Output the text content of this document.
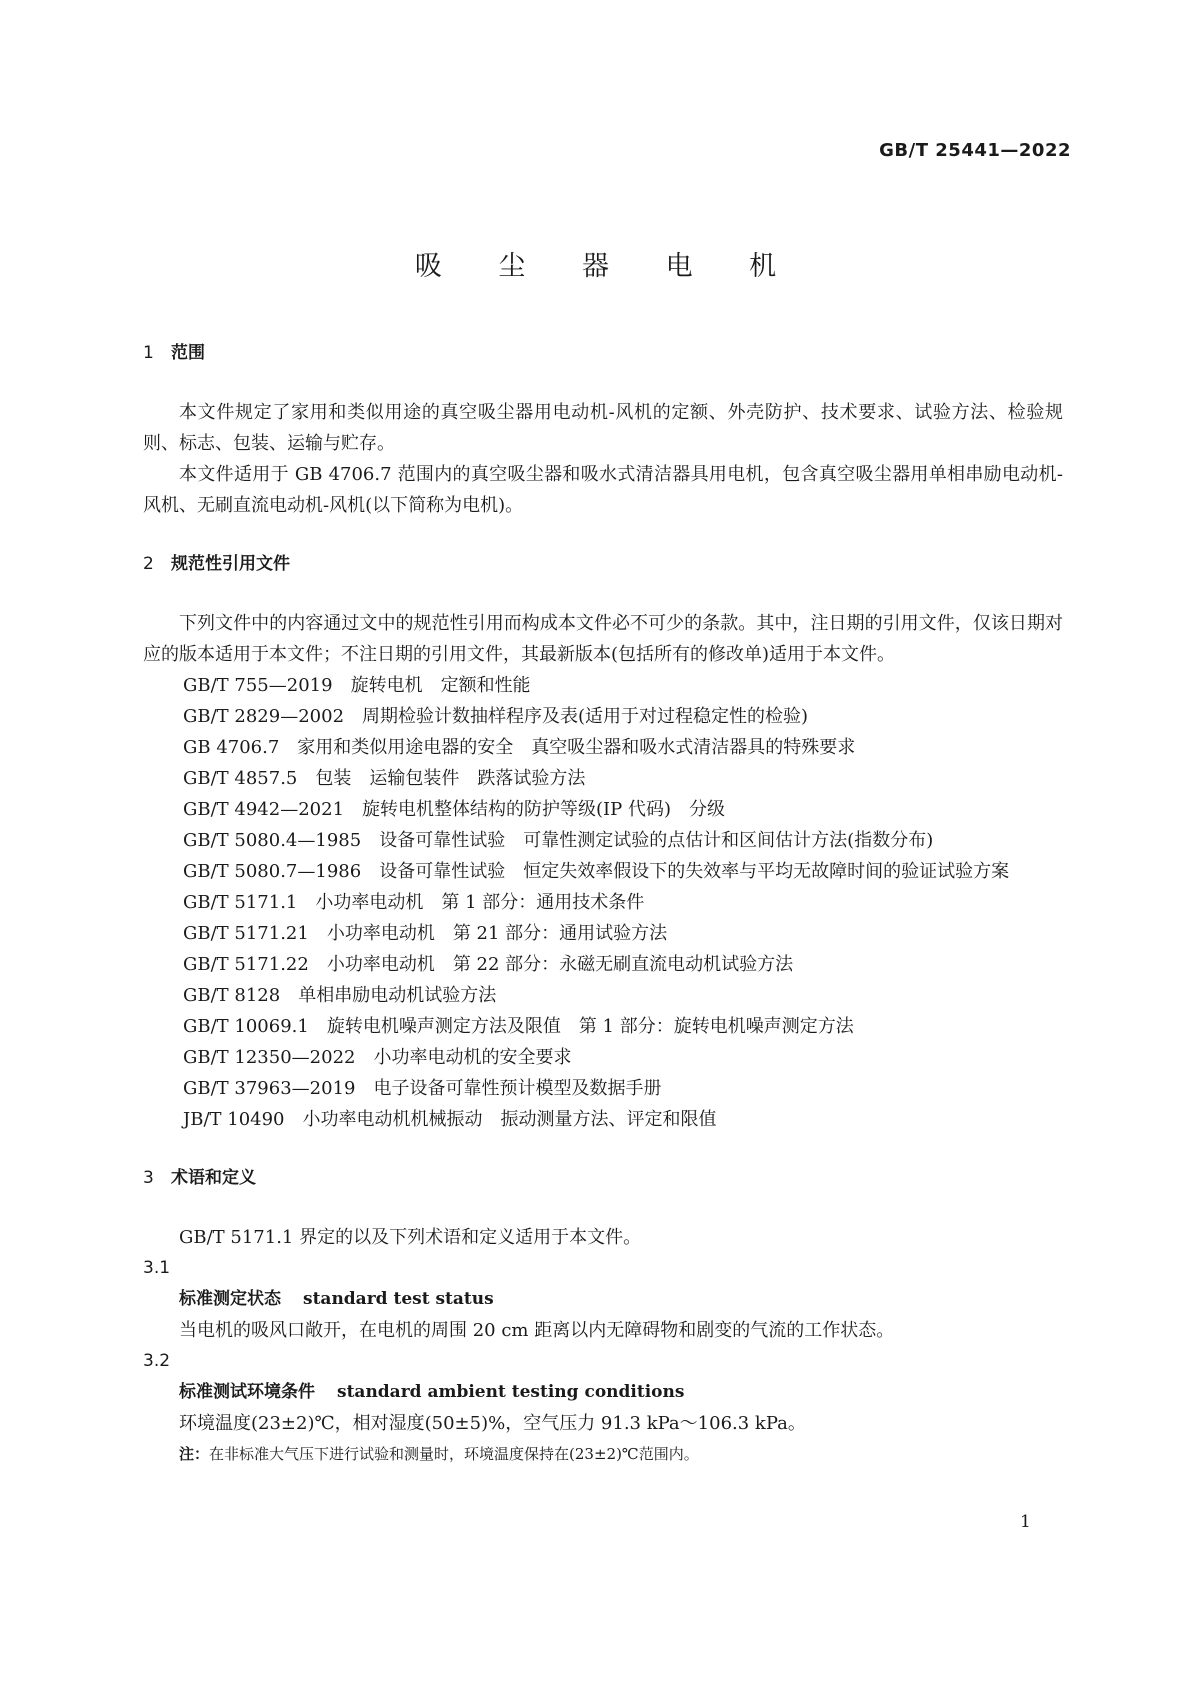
GB/T 25441—2022
吸 尘 器 电 机
1 范围

本文件规定了家用和类似用途的真空吸尘器用电动机-风机的定额、外壳防护、技术要求、试验方法、检验规则、标志、包装、运输与贮存。

本文件适用于 GB 4706.7 范围内的真空吸尘器和吸水式清洁器具用电机，包含真空吸尘器用单相串励电动机-风机、无刷直流电动机-风机(以下简称为电机)。

2 规范性引用文件

下列文件中的内容通过文中的规范性引用而构成本文件必不可少的条款。其中，注日期的引用文件，仅该日期对应的版本适用于本文件；不注日期的引用文件，其最新版本(包括所有的修改单)适用于本文件。

GB/T 755—2019　旋转电机　定额和性能

GB/T 2829—2002　周期检验计数抽样程序及表(适用于对过程稳定性的检验)

GB 4706.7　家用和类似用途电器的安全　真空吸尘器和吸水式清洁器具的特殊要求

GB/T 4857.5　包装　运输包装件　跌落试验方法

GB/T 4942—2021　旋转电机整体结构的防护等级(IP 代码)　分级

GB/T 5080.4—1985　设备可靠性试验　可靠性测定试验的点估计和区间估计方法(指数分布)

GB/T 5080.7—1986　设备可靠性试验　恒定失效率假设下的失效率与平均无故障时间的验证试验方案

GB/T 5171.1　小功率电动机　第 1 部分：通用技术条件

GB/T 5171.21　小功率电动机　第 21 部分：通用试验方法

GB/T 5171.22　小功率电动机　第 22 部分：永磁无刷直流电动机试验方法

GB/T 8128　单相串励电动机试验方法

GB/T 10069.1　旋转电机噪声测定方法及限值　第 1 部分：旋转电机噪声测定方法

GB/T 12350—2022　小功率电动机的安全要求

GB/T 37963—2019　电子设备可靠性预计模型及数据手册

JB/T 10490　小功率电动机机械振动　振动测量方法、评定和限值

3 术语和定义

GB/T 5171.1 界定的以及下列术语和定义适用于本文件。

3.1

标准测定状态 standard test status

当电机的吸风口敞开，在电机的周围 20 cm 距离以内无障碍物和剧变的气流的工作状态。

3.2

标准测试环境条件 standard ambient testing conditions

环境温度(23±2)℃，相对湿度(50±5)%，空气压力 91.3 kPa～106.3 kPa。

注：在非标准大气压下进行试验和测量时，环境温度保持在(23±2)℃范围内。

1
